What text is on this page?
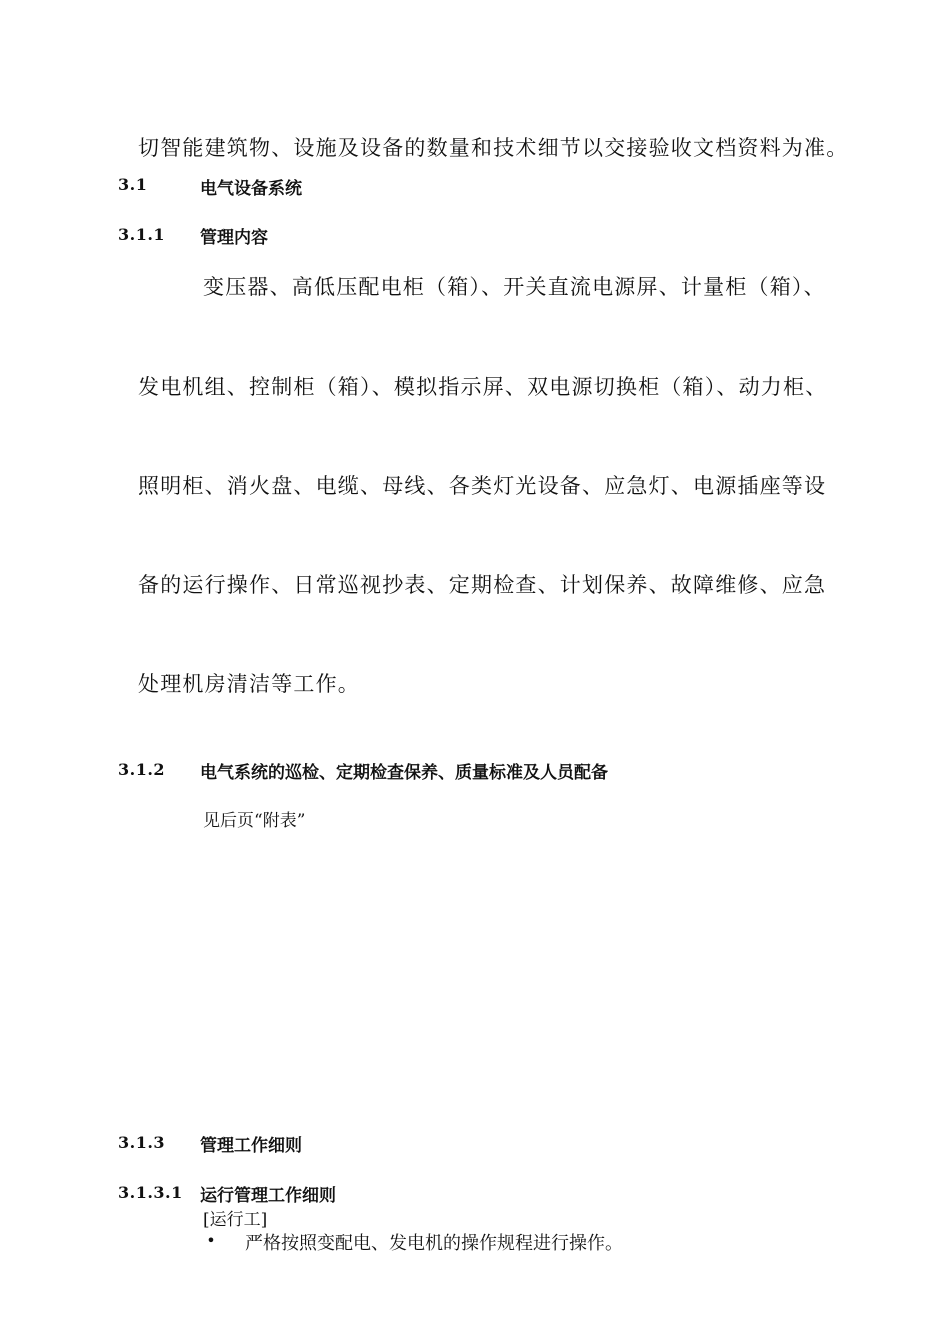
切智能建筑物、设施及设备的数量和技术细节以交接验收文档资料为准。
3.1	电气设备系统
3.1.1 管理内容
变压器、高低压配电柜（箱）、开关直流电源屏、计量柜（箱）、
发电机组、控制柜（箱）、模拟指示屏、双电源切换柜（箱）、动力柜、
照明柜、消火盘、电缆、母线、各类灯光设备、应急灯、电源插座等设
备的运行操作、日常巡视抄表、定期检查、计划保养、故障维修、应急
处理机房清洁等工作。
3.1.2 电气系统的巡检、定期检查保养、质量标准及人员配备
见后页“附表”
3.1.3 管理工作细则
3.1.3.1 运行管理工作细则
[运行工]
• 严格按照变配电、发电机的操作规程进行操作。
